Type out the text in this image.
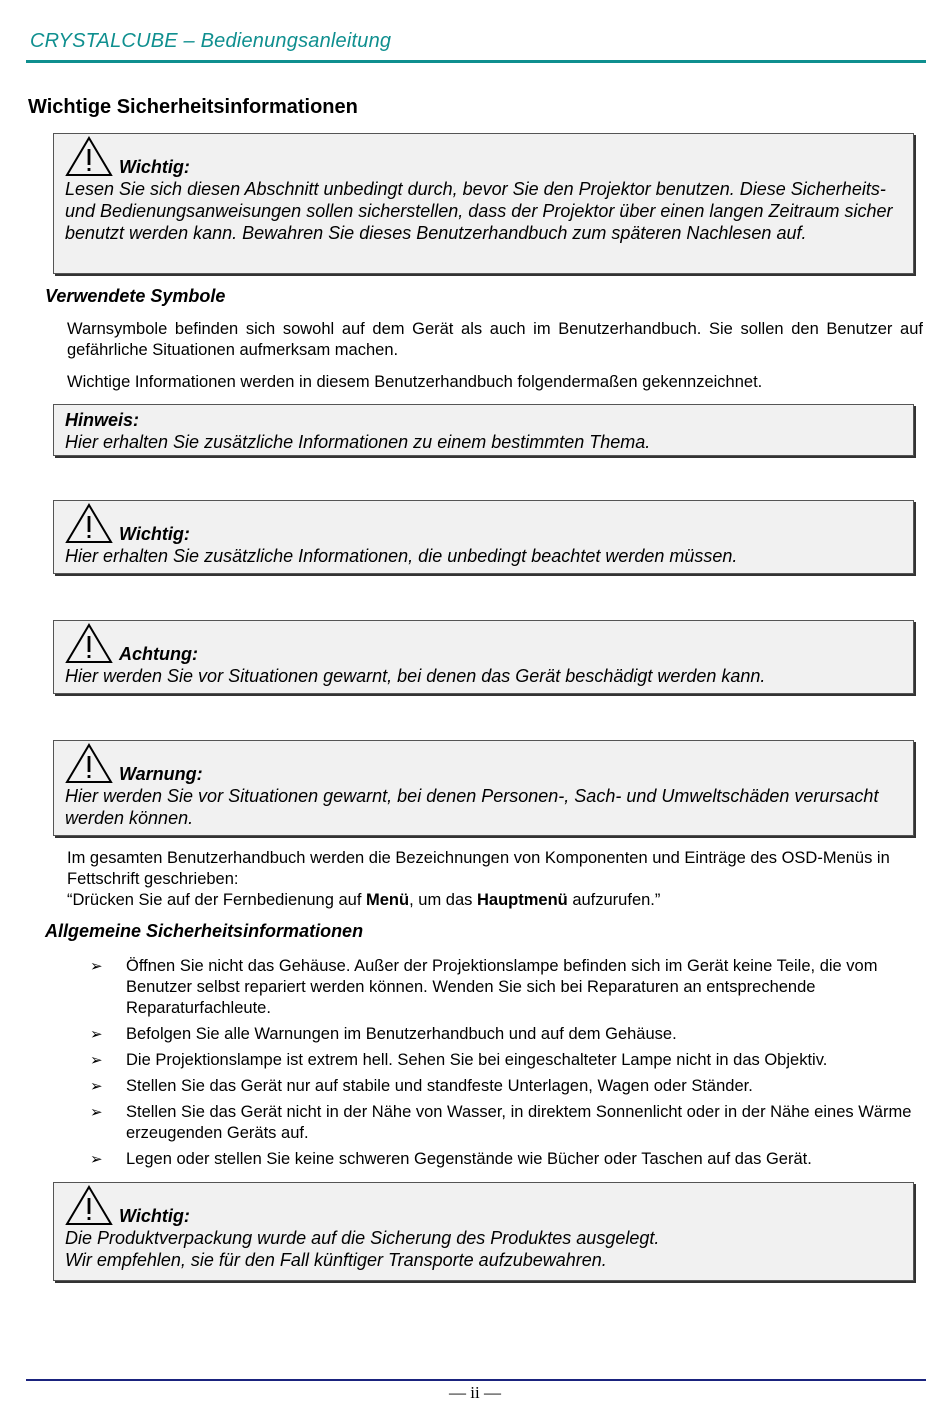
CRYSTALCUBE – Bedienungsanleitung
Wichtige Sicherheitsinformationen
Wichtig:
Lesen Sie sich diesen Abschnitt unbedingt durch, bevor Sie den Projektor benutzen. Diese Sicherheits- und Bedienungsanweisungen sollen sicherstellen, dass der Projektor über einen langen Zeitraum sicher benutzt werden kann. Bewahren Sie dieses Benutzerhandbuch zum späteren Nachlesen auf.
Verwendete Symbole
Warnsymbole befinden sich sowohl auf dem Gerät als auch im Benutzerhandbuch. Sie sollen den Benutzer auf gefährliche Situationen aufmerksam machen.
Wichtige Informationen werden in diesem Benutzerhandbuch folgendermaßen gekennzeichnet.
Hinweis:
Hier erhalten Sie zusätzliche Informationen zu einem bestimmten Thema.
Wichtig:
Hier erhalten Sie zusätzliche Informationen, die unbedingt beachtet werden müssen.
Achtung:
Hier werden Sie vor Situationen gewarnt, bei denen das Gerät beschädigt werden kann.
Warnung:
Hier werden Sie vor Situationen gewarnt, bei denen Personen-, Sach- und Umweltschäden verursacht werden können.
Im gesamten Benutzerhandbuch werden die Bezeichnungen von Komponenten und Einträge des OSD-Menüs in Fettschrift geschrieben:
“Drücken Sie auf der Fernbedienung auf Menü, um das Hauptmenü aufzurufen.”
Allgemeine Sicherheitsinformationen
➢	Öffnen Sie nicht das Gehäuse. Außer der Projektionslampe befinden sich im Gerät keine Teile, die vom Benutzer selbst repariert werden können. Wenden Sie sich bei Reparaturen an entsprechende Reparaturfachleute.
➢	Befolgen Sie alle Warnungen im Benutzerhandbuch und auf dem Gehäuse.
➢	Die Projektionslampe ist extrem hell. Sehen Sie bei eingeschalteter Lampe nicht in das Objektiv.
➢	Stellen Sie das Gerät nur auf stabile und standfeste Unterlagen, Wagen oder Ständer.
➢	Stellen Sie das Gerät nicht in der Nähe von Wasser, in direktem Sonnenlicht oder in der Nähe eines Wärme erzeugenden Geräts auf.
➢	Legen oder stellen Sie keine schweren Gegenstände wie Bücher oder Taschen auf das Gerät.
Wichtig:
Die Produktverpackung wurde auf die Sicherung des Produktes ausgelegt.
Wir empfehlen, sie für den Fall künftiger Transporte aufzubewahren.
— ii —
